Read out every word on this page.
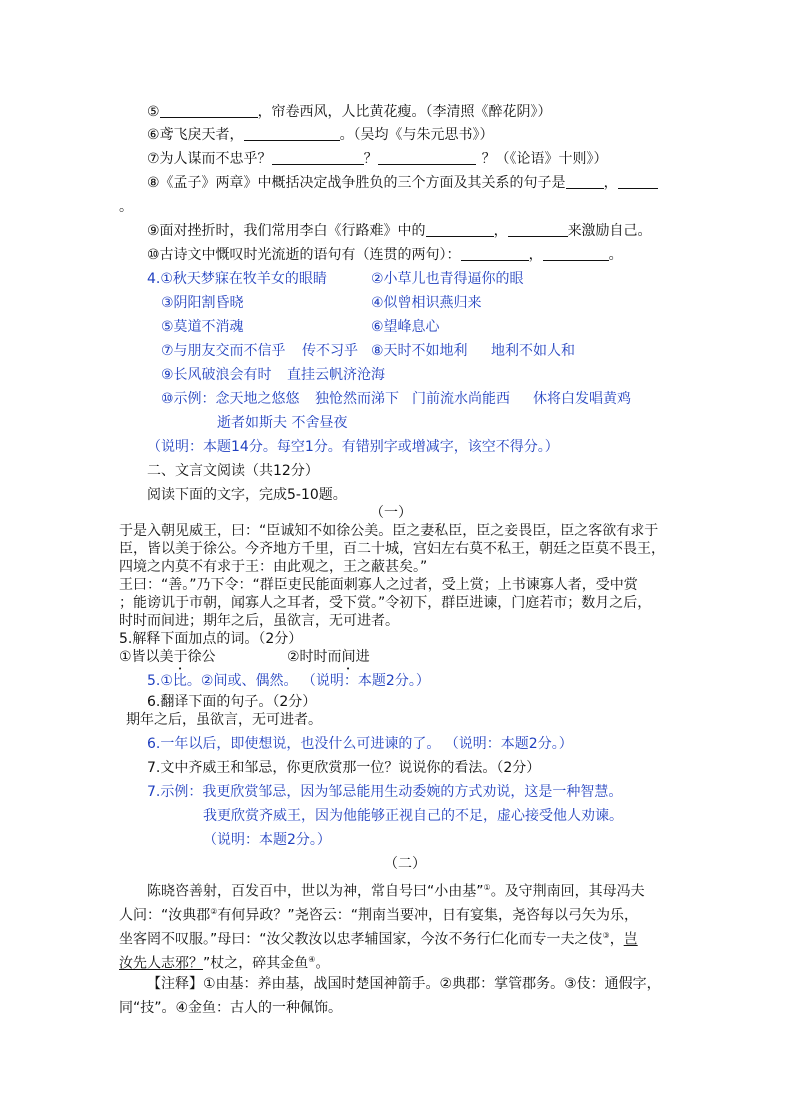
⑤	，帘卷西风，人比黄花瘦。（李清照《醉花阴》）
⑥鸢飞戾天者，	。（吴均《与朱元思书》）
⑦为人谋而不忠乎？	？	？（《论语》十则》）
⑧《孟子》两章》中概括决定战争胜负的三个方面及其关系的句子是	，
。
⑨面对挫折时，我们常用李白《行路难》中的	，	来激励自己。
⑩古诗文中慨叹时光流逝的语句有（连贯的两句）：	，	。
4.①秋天梦寐在牧羊女的眼睛	②小草儿也青得逼你的眼
③阴阳割昏晓	④似曾相识燕归来
⑤莫道不消魂	⑥望峰息心
⑦与朋友交而不信乎 传不习乎 ⑧天时不如地利 地利不如人和
⑨长风破浪会有时 直挂云帆济沧海
⑩示例：念天地之悠悠 独怆然而涕下 门前流水尚能西 休将白发唱黄鸡
逝者如斯夫 不舍昼夜
（说明：本题14分。每空1分。有错别字或增减字，该空不得分。）
二、文言文阅读（共12分）
阅读下面的文字，完成5-10题。
（一）
于是入朝见威王，曰：“臣诚知不如徐公美。臣之妻私臣，臣之妾畏臣，臣之客欲有求于
臣，皆以美于徐公。今齐地方千里，百二十城，宫妇左右莫不私王，朝廷之臣莫不畏王，
四境之内莫不有求于王：由此观之，王之蔽甚矣。”
王曰：“善。”乃下令：“群臣吏民能面刺寡人之过者，受上赏；上书谏寡人者，受中赏
；能谤讥于市朝，闻寡人之耳者，受下赏。”令初下，群臣进谏，门庭若市；数月之后，
时时而间进；期年之后，虽欲言，无可进者。
5.解释下面加点的词。（2分）
①皆以美于徐公	②时时而间进
5.①比。②间或、偶然。 （说明：本题2分。）
6.翻译下面的句子。（2分）
期年之后，虽欲言，无可进者。
6.一年以后，即使想说，也没什么可进谏的了。 （说明：本题2分。）
7.文中齐威王和邹忌，你更欣赏那一位？说说你的看法。（2分）
7.示例：我更欣赏邹忌，因为邹忌能用生动委婉的方式劝说，这是一种智慧。
我更欣赏齐威王，因为他能够正视自己的不足，虚心接受他人劝谏。
（说明：本题2分。）
（二）
陈晓咨善射，百发百中，世以为神，常自号曰“小由基”①。及守荆南回，其母冯夫
人问：“汝典郡②有何异政？”尧咨云：“荆南当要冲，日有宴集，尧咨每以弓矢为乐，
坐客罔不叹服。”母曰：“汝父教汝以忠孝辅国家，今汝不务行仁化而专一夫之伎③，岂
汝先人志邪？”杖之，碎其金鱼④。
【注释】①由基：养由基，战国时楚国神箭手。②典郡：掌管郡务。③伎：通假字，
同“技”。④金鱼：古人的一种佩饰。
